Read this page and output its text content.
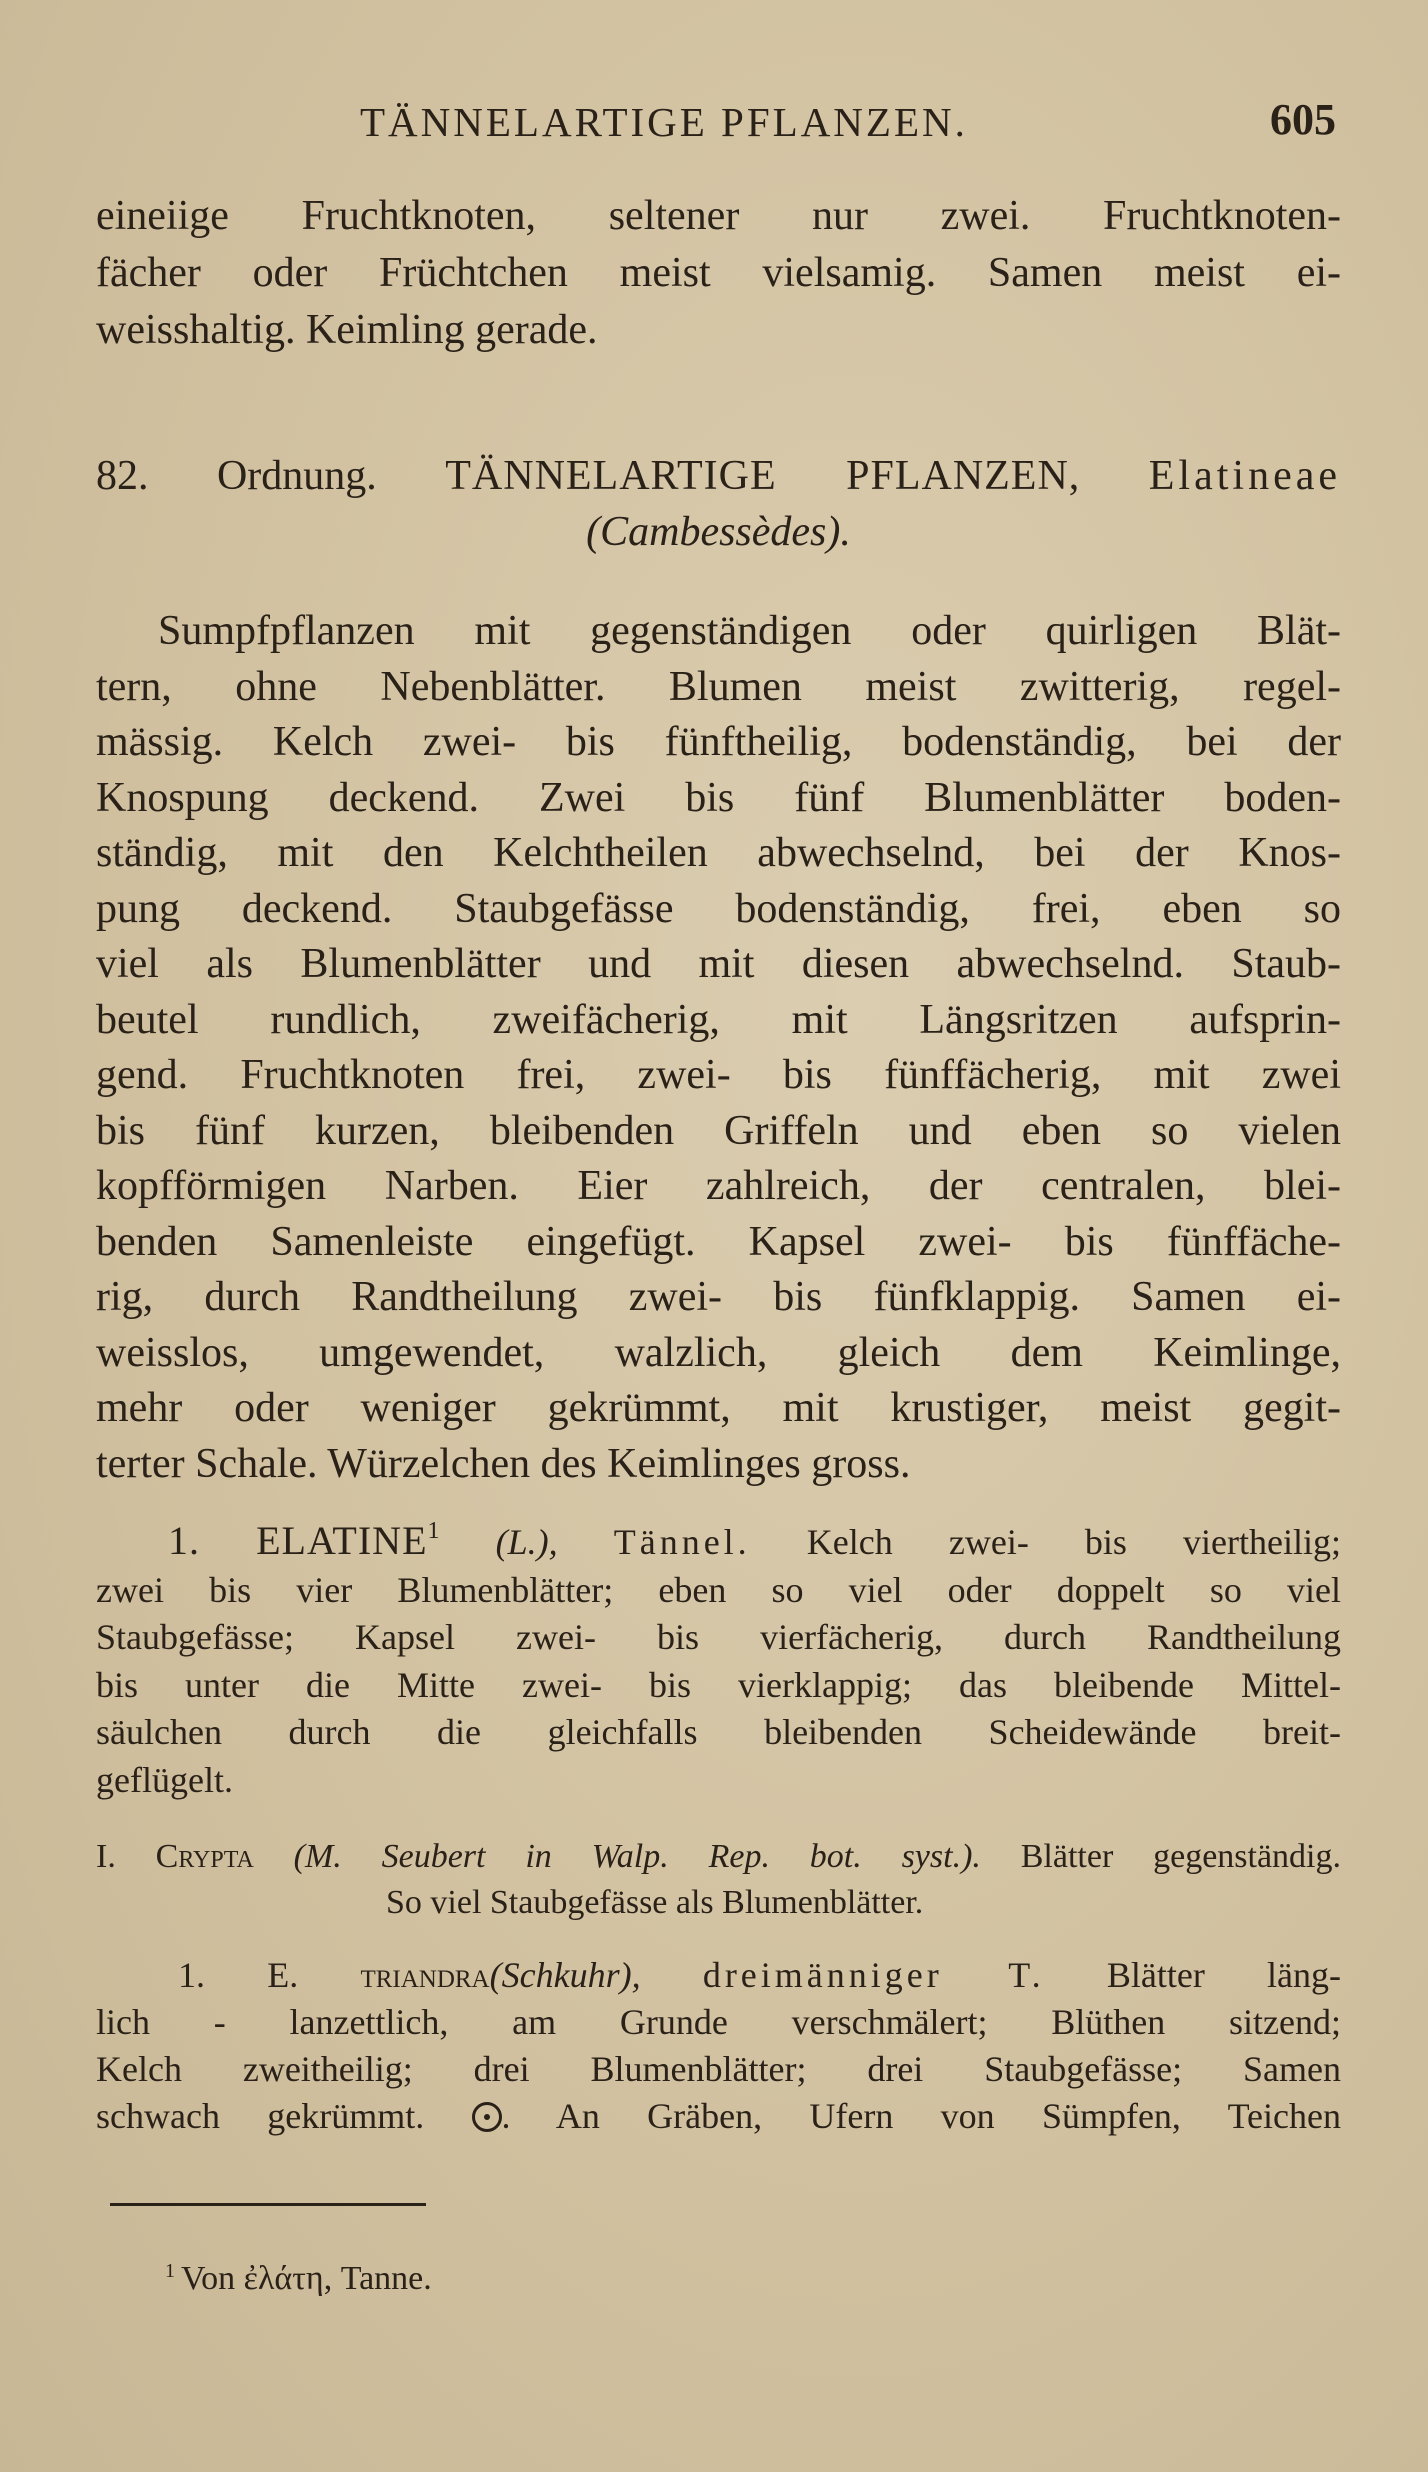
TÄNNELARTIGE PFLANZEN.	605
eineiige Fruchtknoten, seltener nur zwei. Fruchtknoten-
fächer oder Früchtchen meist vielsamig. Samen meist ei-
weisshaltig. Keimling gerade.
82. Ordnung. TÄNNELARTIGE PFLANZEN, Elatineae
(Cambessèdes).
Sumpfpflanzen mit gegenständigen oder quirligen Blät-
tern, ohne Nebenblätter. Blumen meist zwitterig, regel-
mässig. Kelch zwei- bis fünftheilig, bodenständig, bei der
Knospung deckend. Zwei bis fünf Blumenblätter boden-
ständig, mit den Kelchtheilen abwechselnd, bei der Knos-
pung deckend. Staubgefässe bodenständig, frei, eben so
viel als Blumenblätter und mit diesen abwechselnd. Staub-
beutel rundlich, zweifächerig, mit Längsritzen aufsprin-
gend. Fruchtknoten frei, zwei- bis fünffächerig, mit zwei
bis fünf kurzen, bleibenden Griffeln und eben so vielen
kopfförmigen Narben. Eier zahlreich, der centralen, blei-
benden Samenleiste eingefügt. Kapsel zwei- bis fünffäche-
rig, durch Randtheilung zwei- bis fünfklappig. Samen ei-
weisslos, umgewendet, walzlich, gleich dem Keimlinge,
mehr oder weniger gekrümmt, mit krustiger, meist gegit-
terter Schale. Würzelchen des Keimlinges gross.
1. ELATINE$^1$ (L.), Tännel. Kelch zwei- bis viertheilig;
zwei bis vier Blumenblätter; eben so viel oder doppelt so viel
Staubgefässe; Kapsel zwei- bis vierfächerig, durch Randtheilung
bis unter die Mitte zwei- bis vierklappig; das bleibende Mittel-
säulchen durch die gleichfalls bleibenden Scheidewände breit-
geflügelt.
I. Crypta (M. Seubert in Walp. Rep. bot. syst.). Blätter gegenständig.
So viel Staubgefässe als Blumenblätter.
1. E. triandra(Schkuhr), dreimänniger T. Blätter läng-
lich - lanzettlich, am Grunde verschmälert; Blüthen sitzend;
Kelch zweitheilig; drei Blumenblätter; drei Staubgefässe; Samen
schwach gekrümmt. . An Gräben, Ufern von Sümpfen, Teichen
$^1$ Von ἐλάτη, Tanne.
